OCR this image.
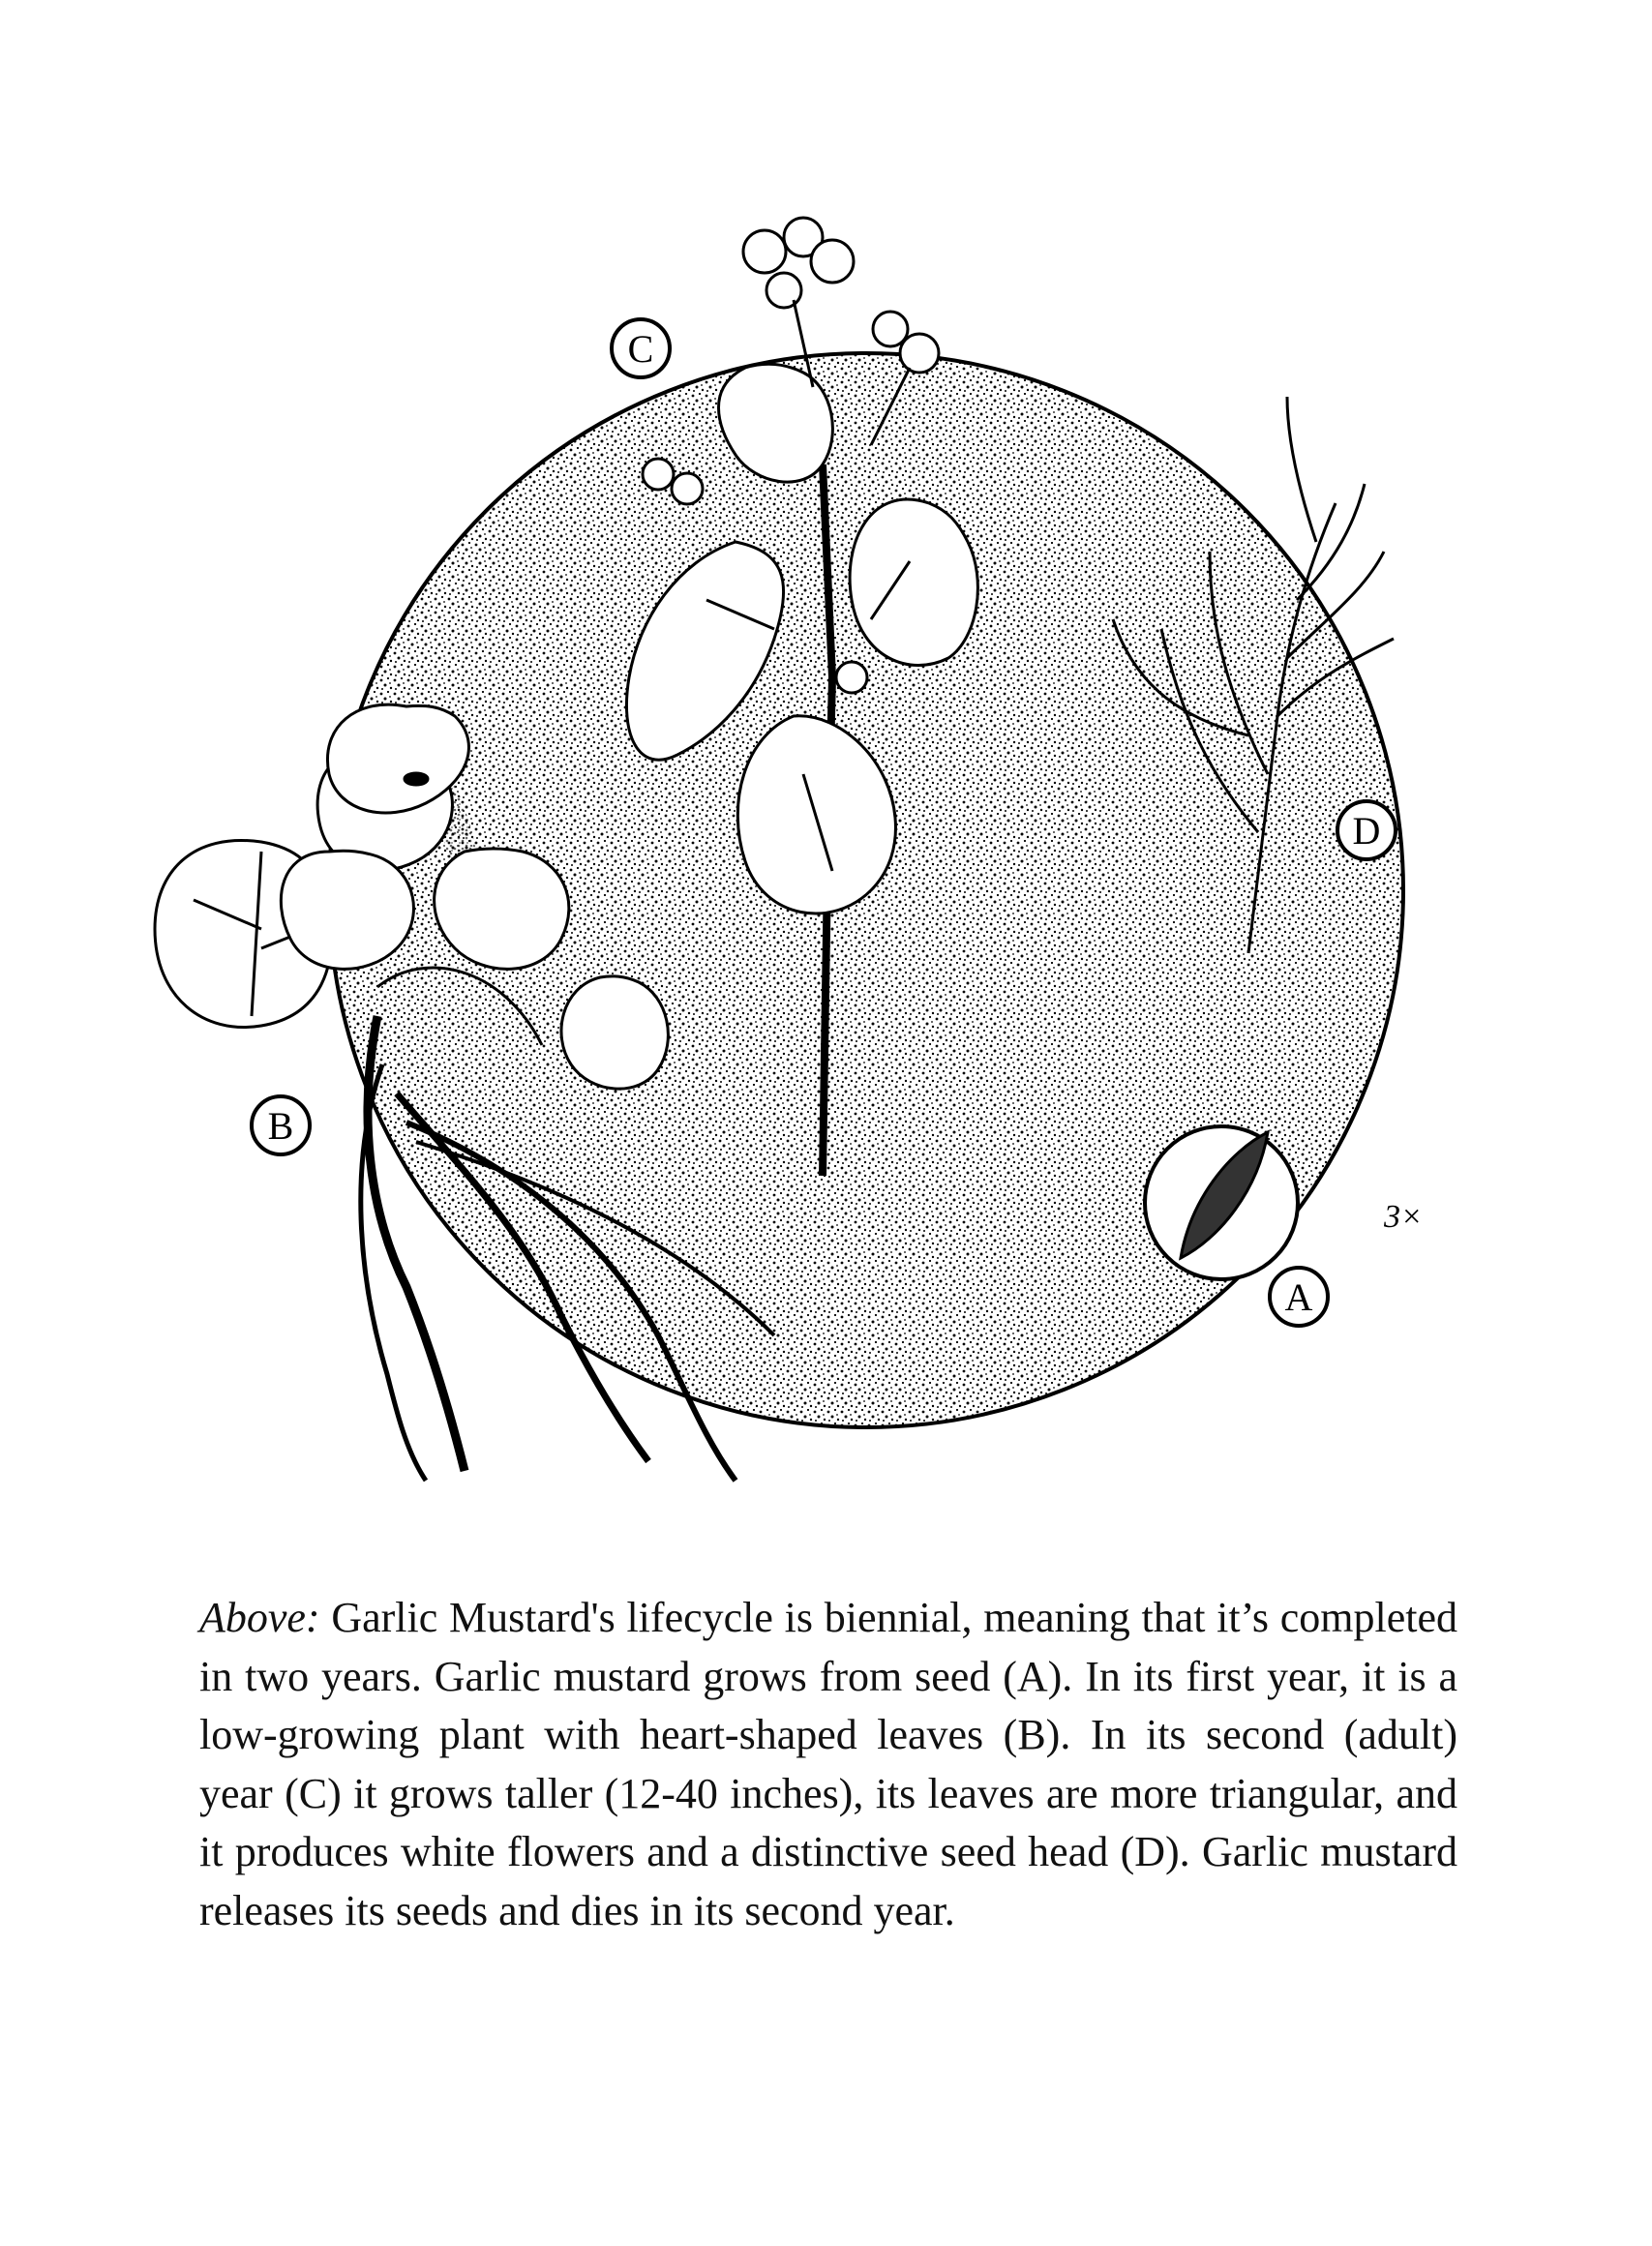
C
D
B
A
3×

Above: Garlic Mustard's lifecycle is biennial, meaning that it’s completed in two years. Garlic mustard grows from seed (A). In its first year, it is a low-growing plant with heart-shaped leaves (B). In its second (adult) year (C) it grows taller (12-40 inches), its leaves are more triangular, and it produces white flowers and a distinctive seed head (D). Garlic mustard releases its seeds and dies in its second year.
